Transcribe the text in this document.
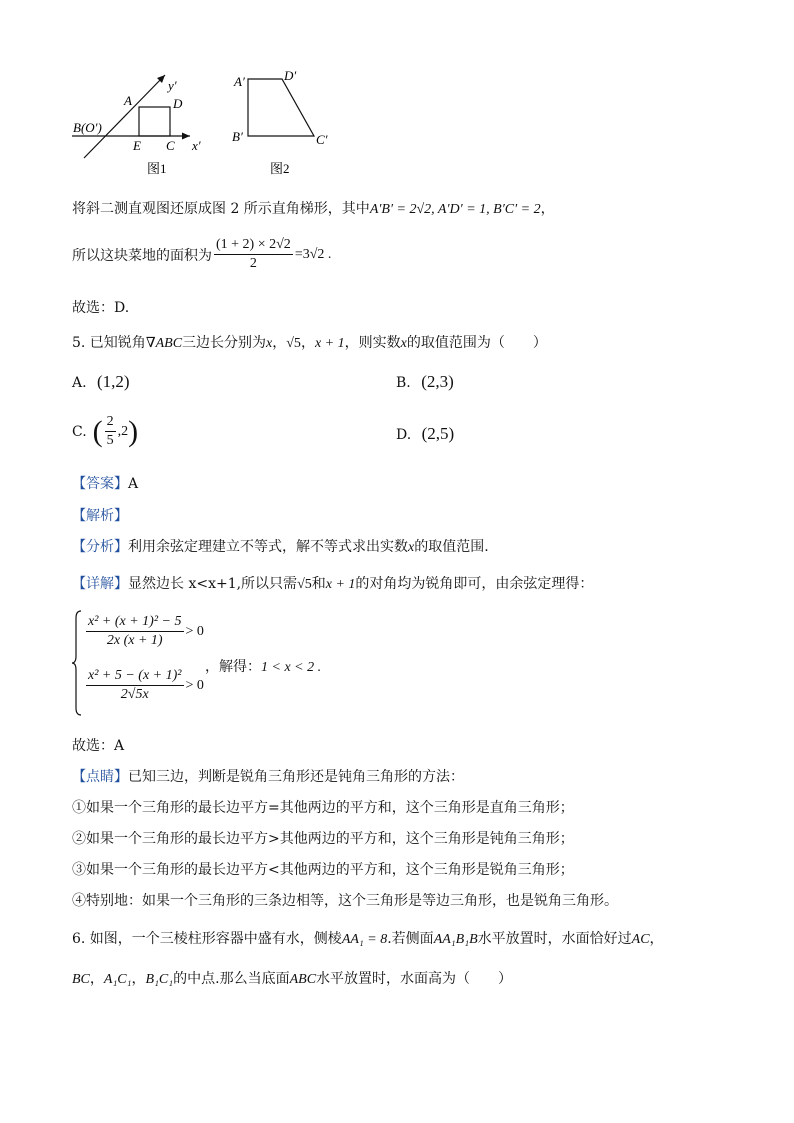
y′
A	D
B(O′)
E C x′
图1
A′	D′
B′	C′
图2
将斜二测直观图还原成图 2 所示直角梯形，其中A′B′ = 2√2, A′D′ = 1, B′C′ = 2，
所以这块菜地的面积为 $\frac{(1 + 2) \times 2√2}{2} =3√2$ .
故选：D.
5. 已知锐角∇ABC三边长分别为x，√5，x + 1，则实数x的取值范围为（　　）
A. (1,2)	B. (2,3)
C. ( $\frac{2}{5} ,2$ )	D. (2,5)
【答案】A
【解析】
【分析】利用余弦定理建立不等式，解不等式求出实数x的取值范围.
【详解】显然边长 x<x+1,所以只需√5和x + 1的对角均为锐角即可，由余弦定理得：
$\frac{\text{x² + (x + 1)² − 5}}{2x (x + 1)} > 0$
$\frac{\text{x² + 5 − (x + 1)²}}{2√5x} > 0$
，解得：1 < x < 2 .
故选：A
【点睛】已知三边，判断是锐角三角形还是钝角三角形的方法：
①如果一个三角形的最长边平方=其他两边的平方和，这个三角形是直角三角形；
②如果一个三角形的最长边平方>其他两边的平方和，这个三角形是钝角三角形；
③如果一个三角形的最长边平方<其他两边的平方和，这个三角形是锐角三角形；
④特别地：如果一个三角形的三条边相等，这个三角形是等边三角形，也是锐角三角形。
6. 如图，一个三棱柱形容器中盛有水，侧棱AA₁ = 8.若侧面AA₁B₁B水平放置时，水面恰好过AC，
BC，A₁C₁，B₁C₁的中点.那么当底面ABC水平放置时，水面高为（　　）
